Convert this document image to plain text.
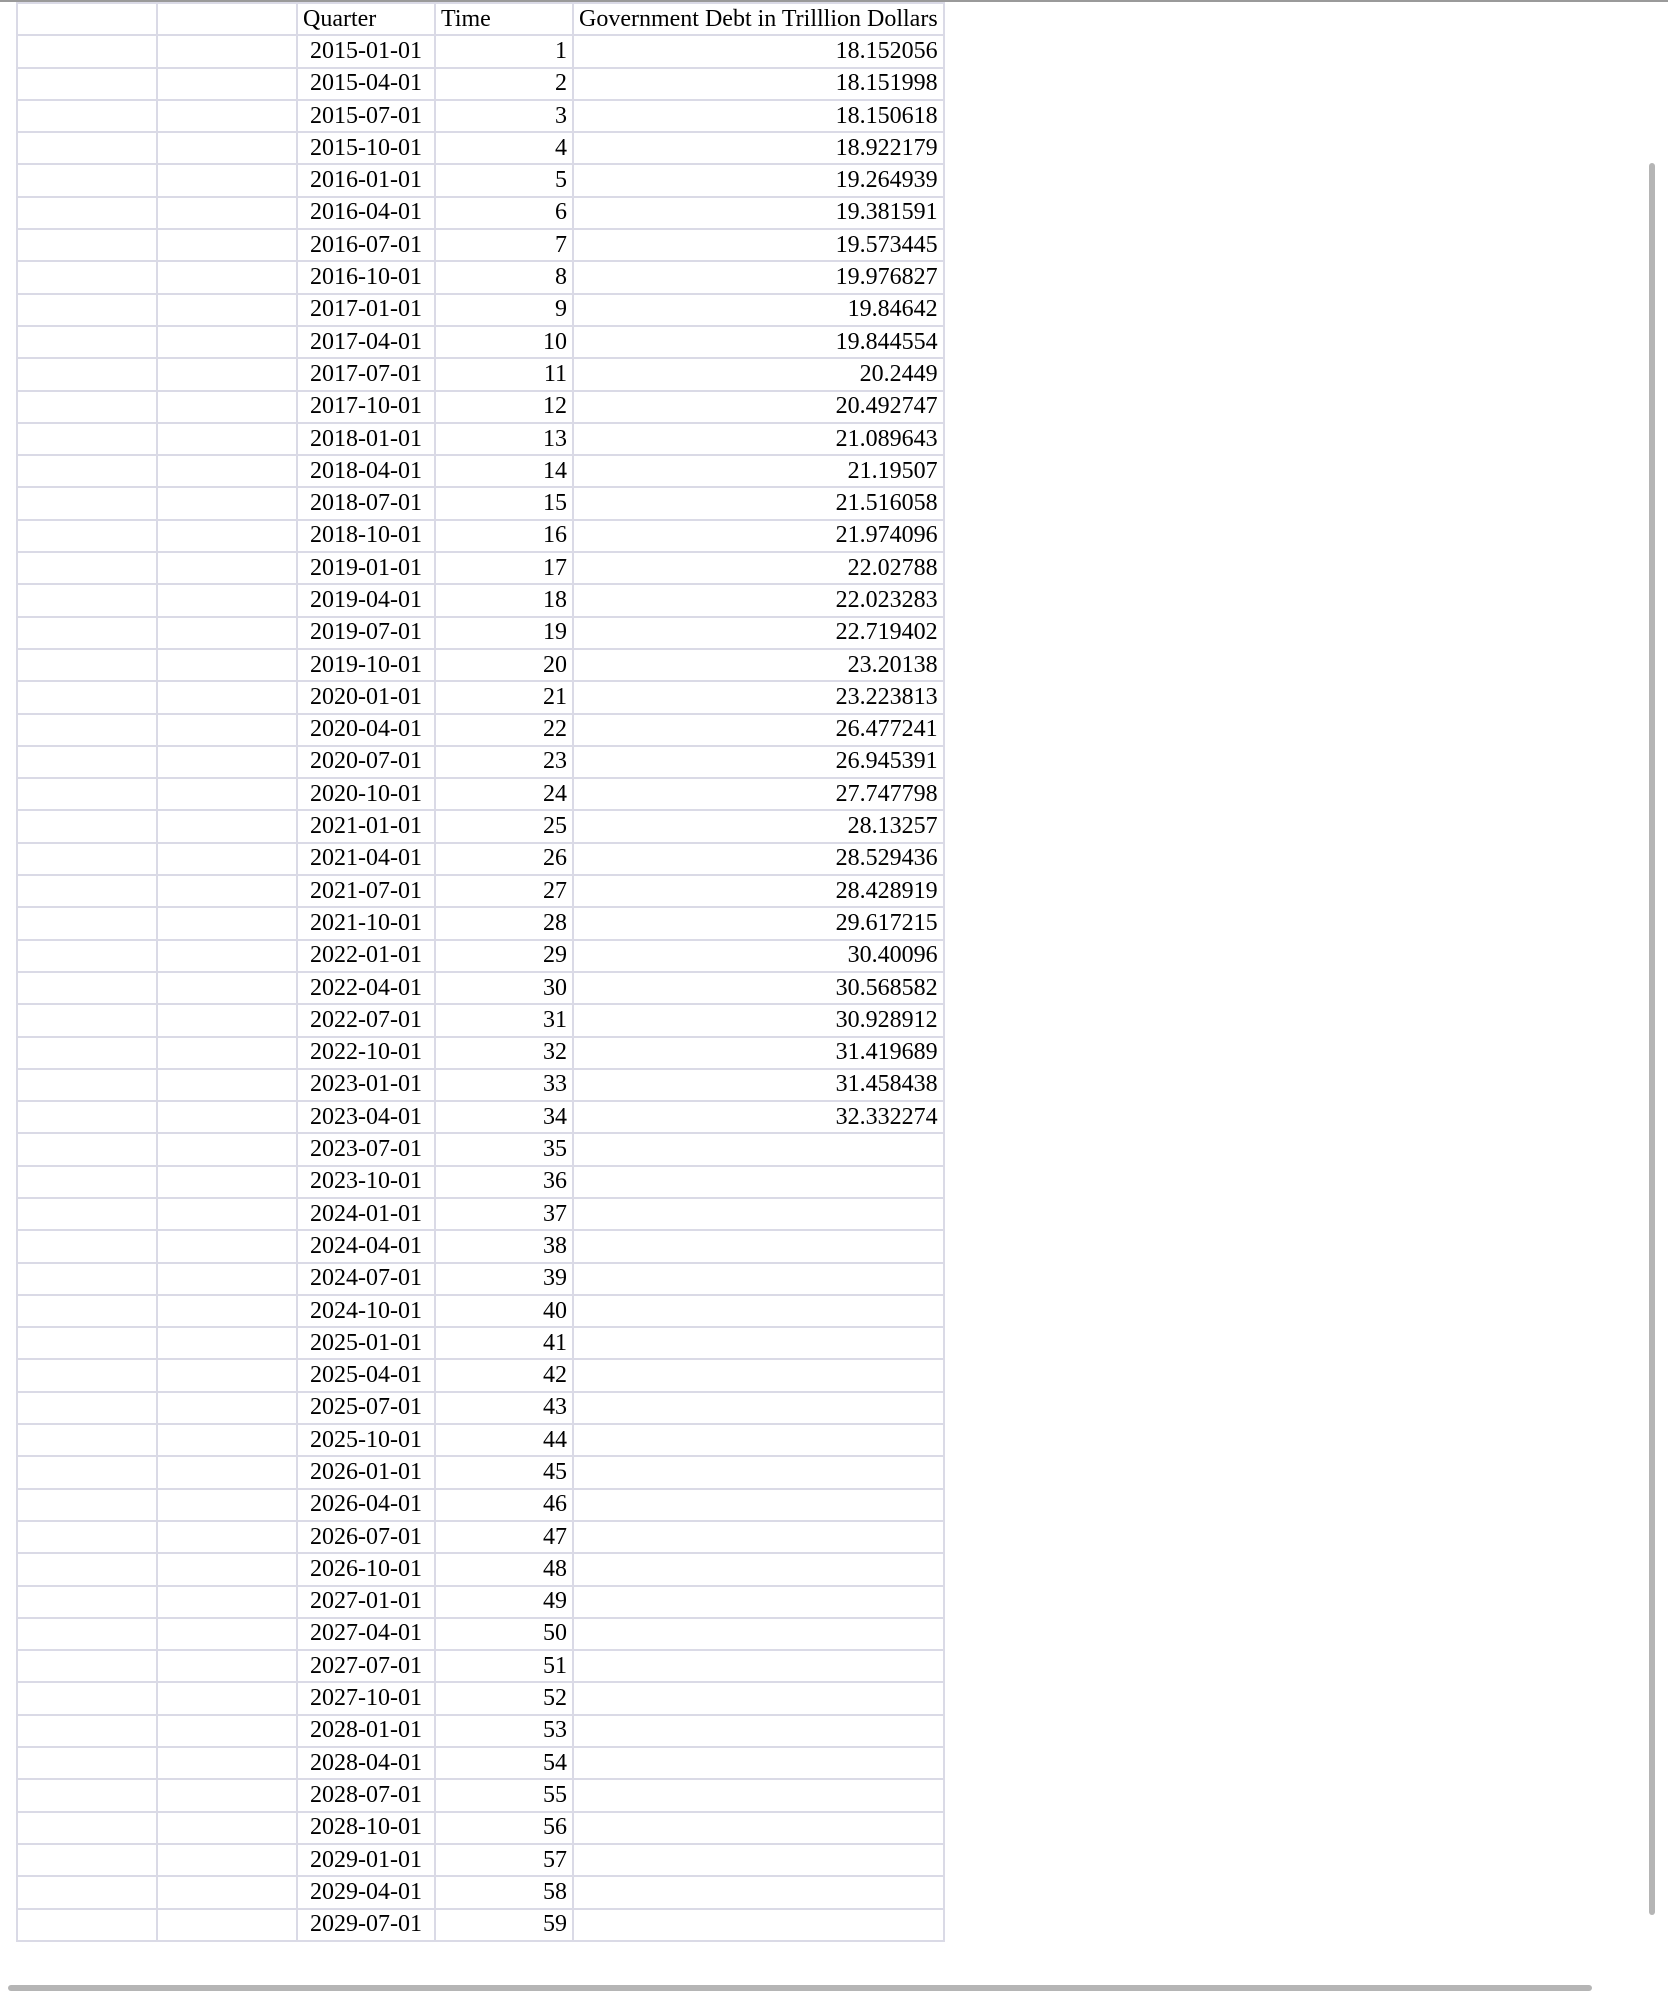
		Quarter	Time	Government Debt in Trilllion Dollars
		2015-01-01	1	18.152056
		2015-04-01	2	18.151998
		2015-07-01	3	18.150618
		2015-10-01	4	18.922179
		2016-01-01	5	19.264939
		2016-04-01	6	19.381591
		2016-07-01	7	19.573445
		2016-10-01	8	19.976827
		2017-01-01	9	19.84642
		2017-04-01	10	19.844554
		2017-07-01	11	20.2449
		2017-10-01	12	20.492747
		2018-01-01	13	21.089643
		2018-04-01	14	21.19507
		2018-07-01	15	21.516058
		2018-10-01	16	21.974096
		2019-01-01	17	22.02788
		2019-04-01	18	22.023283
		2019-07-01	19	22.719402
		2019-10-01	20	23.20138
		2020-01-01	21	23.223813
		2020-04-01	22	26.477241
		2020-07-01	23	26.945391
		2020-10-01	24	27.747798
		2021-01-01	25	28.13257
		2021-04-01	26	28.529436
		2021-07-01	27	28.428919
		2021-10-01	28	29.617215
		2022-01-01	29	30.40096
		2022-04-01	30	30.568582
		2022-07-01	31	30.928912
		2022-10-01	32	31.419689
		2023-01-01	33	31.458438
		2023-04-01	34	32.332274
		2023-07-01	35	
		2023-10-01	36	
		2024-01-01	37	
		2024-04-01	38	
		2024-07-01	39	
		2024-10-01	40	
		2025-01-01	41	
		2025-04-01	42	
		2025-07-01	43	
		2025-10-01	44	
		2026-01-01	45	
		2026-04-01	46	
		2026-07-01	47	
		2026-10-01	48	
		2027-01-01	49	
		2027-04-01	50	
		2027-07-01	51	
		2027-10-01	52	
		2028-01-01	53	
		2028-04-01	54	
		2028-07-01	55	
		2028-10-01	56	
		2029-01-01	57	
		2029-04-01	58	
		2029-07-01	59	
